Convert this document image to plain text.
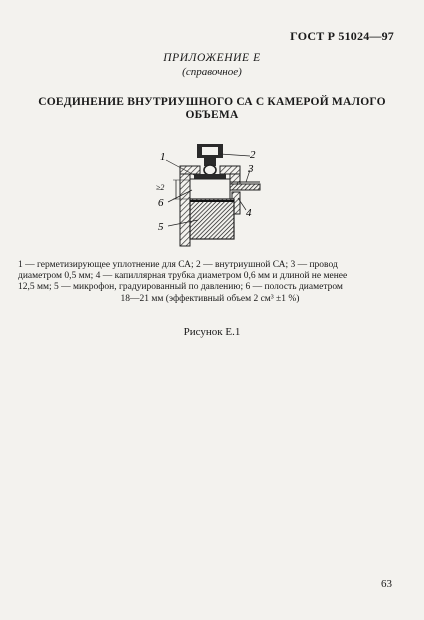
ГОСТ Р 51024—97
ПРИЛОЖЕНИЕ Е
(справочное)
СОЕДИНЕНИЕ ВНУТРИУШНОГО СА С КАМЕРОЙ МАЛОГО
ОБЪЕМА
1	2
3
4
5
6
≥2
1 — герметизирующее уплотнение для СА; 2 — внутриушной СА; 3 — провод
диаметром 0,5 мм; 4 — капиллярная трубка диаметром 0,6 мм и длиной не менее
12,5 мм; 5 — микрофон, градуированный по давлению; 6 — полость диаметром
18—21 мм (эффективный объем 2 см³ ±1 %)
Рисунок Е.1
63
